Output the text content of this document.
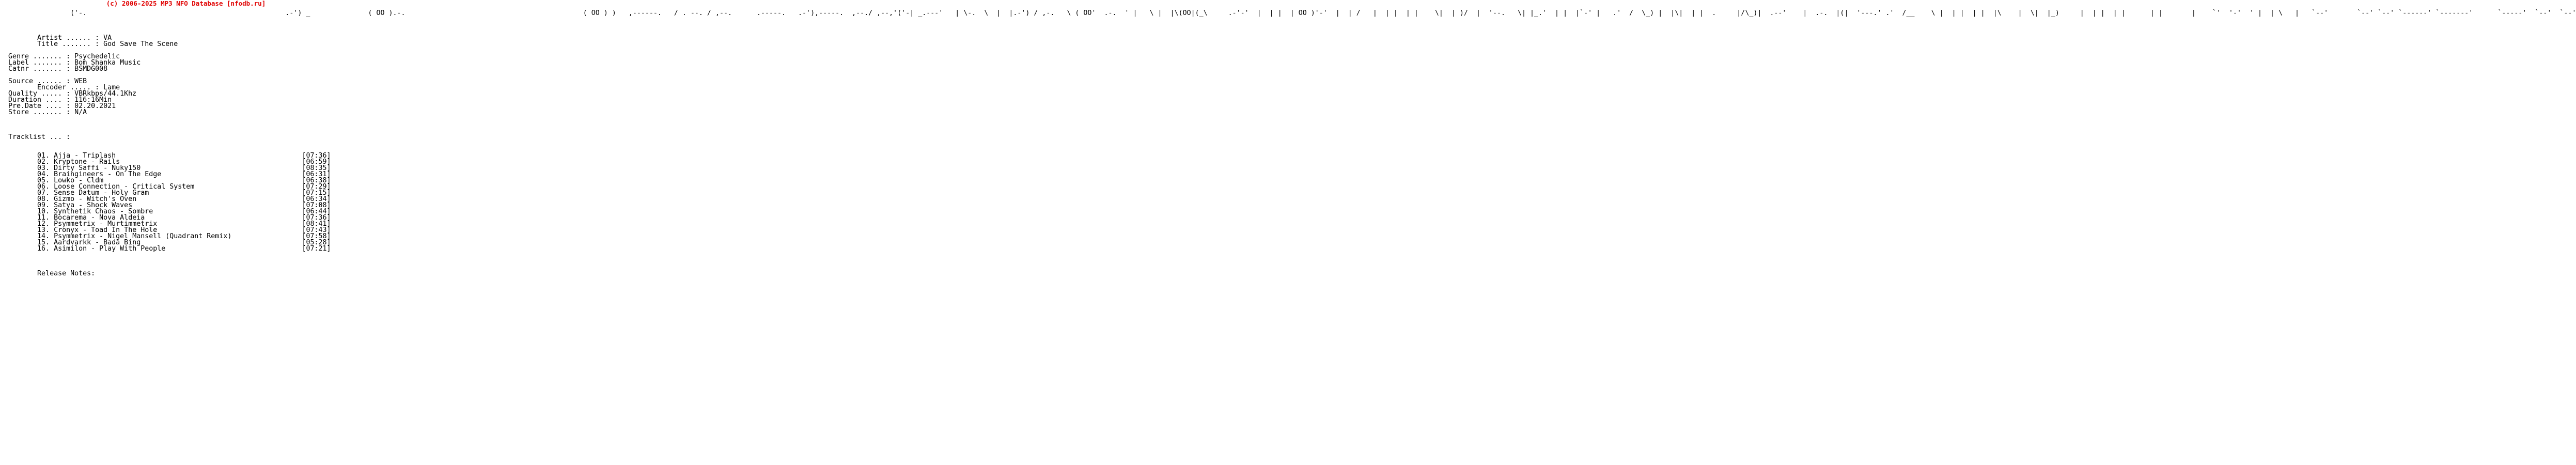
(c) 2006-2025 MP3 NFO Database [nfodb.ru]
('-.                                                .-') _              ( OO ).-.                                           ( OO ) )   ,------.   / . --. / ,--.      .-----.   .-'),-----.  ,--./ ,--,'('-| _.---'   | \-.  \  |  |.-') / ,-.   \ ( OO'  .-.  ' |   \ |  |\(OO|(_\     .-'-'  |  | |  | OO )'-'  |  | /   |  | |  | |    \|  | )/  |  '--.   \| |_.'  | |  |`-' |   .'  /  \_) |  |\|  | |  .     |/\_)|  .--'    |  .-.  |(|  '---.' .'  /__    \ |  | |  | |  |\    |  \|  |_)     |  | |  | |      | |       |    `'  '-'  ' |  | \   |   `--'       `--' `--' `------' `-------'      `-----'  `--'  `--'

Artist ...... : VA
Title ....... : God Save The Scene

Genre ....... : Psychedelic
Label ....... : Bom Shanka Music
Catnr ....... : BSMDG008

Source ...... : WEB
Encoder ..... : Lame
Quality ..... : VBRkbps/44.1Khz
Duration .... : 116:16Min
Pre.Date .... : 02.20.2021
Store ....... : N/A

Tracklist ... :

01. Ajja - Triplash	[07:36]
02. Kryptone - Rails	[06:59]
03. Dirty Saffi - Nuky150	[08:35]
04. Braingineers - On The Edge	[06:31]
05. Lowko - Cldm	[06:38]
06. Loose Connection - Critical System	[07:29]
07. Sense Datum - Holy Gram	[07:15]
08. Gizmo - Witch's Oven	[06:34]
09. Satya - Shock Waves	[07:08]
10. Synthetik Chaos - Sombre	[06:44]
11. Bocarema - Nova Aldeia	[07:36]
12. Psymmetrix - Murtimmetrix	[08:41]
13. Cronyx - Toad In The Hole	[07:43]
14. Psymmetrix - Nigel Mansell (Quadrant Remix)	[07:58]
15. Aardvarkk - Bada Bing	[05:28]
16. Asimilon - Play With People	[07:21]

Release Notes:
